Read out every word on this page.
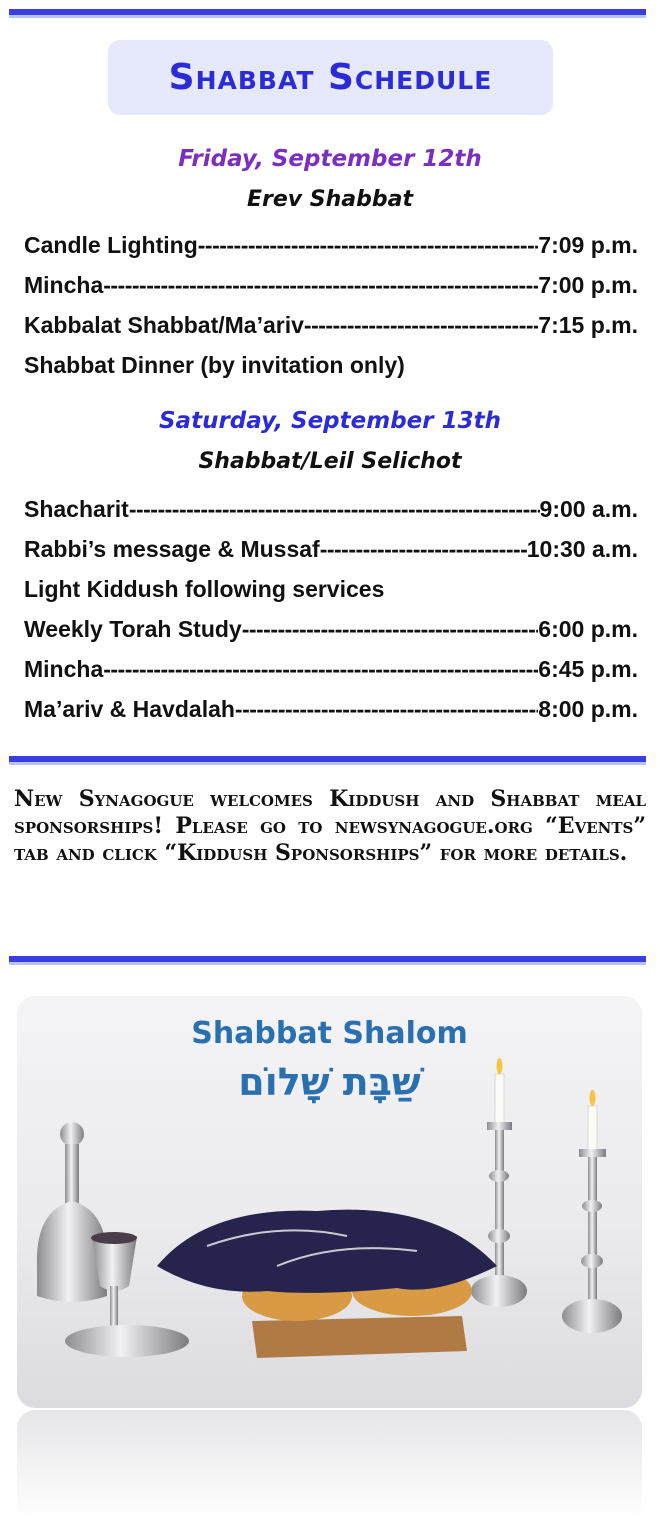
Shabbat Schedule
Friday, September 12th
Erev Shabbat
Candle Lighting -----	7:09 p.m.
Mincha -----	7:00 p.m.
Kabbalat Shabbat/Ma’ariv -----	7:15 p.m.
Shabbat Dinner (by invitation only)
Saturday, September 13th
Shabbat/Leil Selichot
Shacharit -----	9:00 a.m.
Rabbi’s message & Mussaf -----	10:30 a.m.
Light Kiddush following services
Weekly Torah Study -----	6:00 p.m.
Mincha -----	6:45 p.m.
Ma’ariv & Havdalah -----	8:00 p.m.
New Synagogue welcomes Kiddush and Shabbat meal sponsorships! Please go to newsynagogue.org “Events” tab and click “Kiddush Sponsorships” for more details.
Shabbat Shalom
שַׁבָּת שָׁלוֹם
